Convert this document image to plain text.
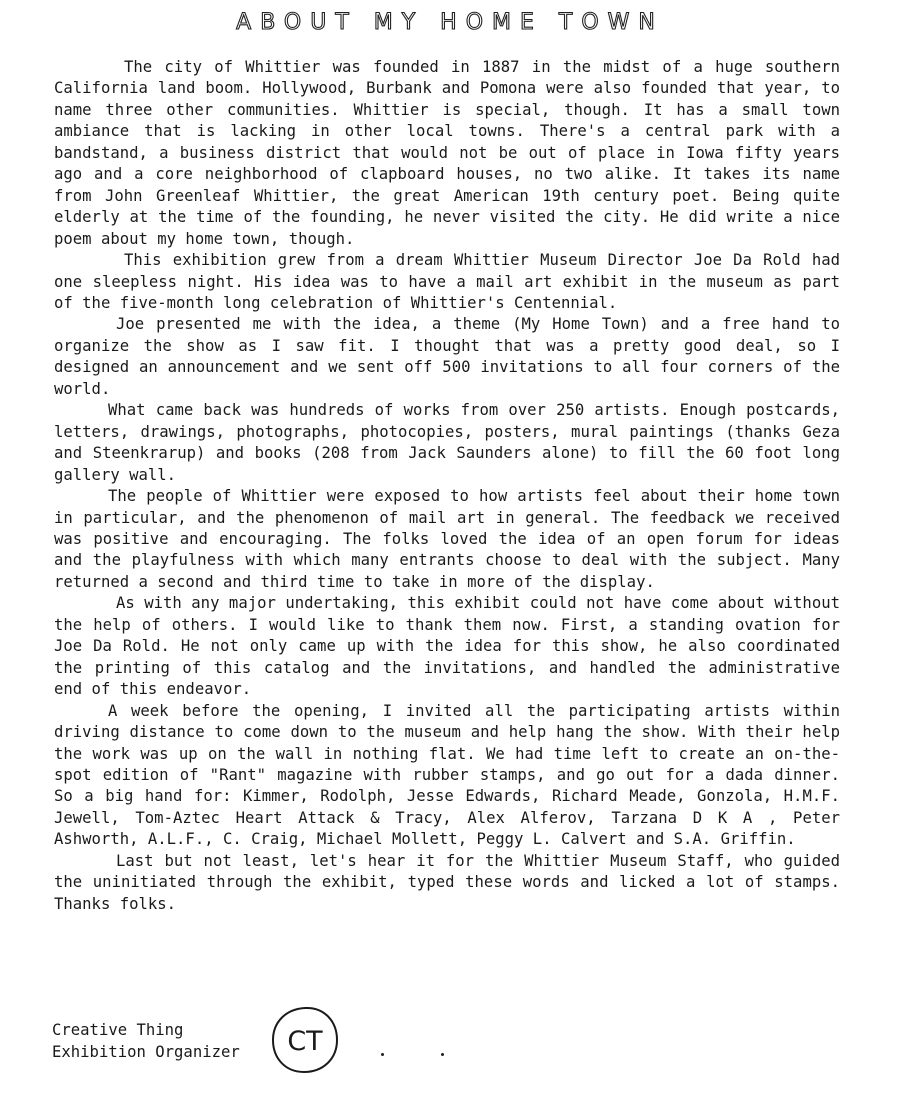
ABOUT MY HOME TOWN

The city of Whittier was founded in 1887 in the midst of a huge southern California land boom. Hollywood, Burbank and Pomona were also founded that year, to name three other communities. Whittier is special, though. It has a small town ambiance that is lacking in other local towns. There's a central park with a bandstand, a business district that would not be out of place in Iowa fifty years ago and a core neighborhood of clapboard houses, no two alike. It takes its name from John Greenleaf Whittier, the great American 19th century poet. Being quite elderly at the time of the founding, he never visited the city. He did write a nice poem about my home town, though.

This exhibition grew from a dream Whittier Museum Director Joe Da Rold had one sleepless night. His idea was to have a mail art exhibit in the museum as part of the five-month long celebration of Whittier's Centennial.

Joe presented me with the idea, a theme (My Home Town) and a free hand to organize the show as I saw fit. I thought that was a pretty good deal, so I designed an announcement and we sent off 500 invitations to all four corners of the world.

What came back was hundreds of works from over 250 artists. Enough postcards, letters, drawings, photographs, photocopies, posters, mural paintings (thanks Geza and Steenkrarup) and books (208 from Jack Saunders alone) to fill the 60 foot long gallery wall.

The people of Whittier were exposed to how artists feel about their home town in particular, and the phenomenon of mail art in general. The feedback we received was positive and encouraging. The folks loved the idea of an open forum for ideas and the playfulness with which many entrants choose to deal with the subject. Many returned a second and third time to take in more of the display.

As with any major undertaking, this exhibit could not have come about without the help of others. I would like to thank them now. First, a standing ovation for Joe Da Rold. He not only came up with the idea for this show, he also coordinated the printing of this catalog and the invitations, and handled the administrative end of this endeavor.

A week before the opening, I invited all the participating artists within driving distance to come down to the museum and help hang the show. With their help the work was up on the wall in nothing flat. We had time left to create an on-the-spot edition of "Rant" magazine with rubber stamps, and go out for a dada dinner. So a big hand for: Kimmer, Rodolph, Jesse Edwards, Richard Meade, Gonzola, H.M.F. Jewell, Tom-Aztec Heart Attack & Tracy, Alex Alferov, Tarzana D K A , Peter Ashworth, A.L.F., C. Craig, Michael Mollett, Peggy L. Calvert and S.A. Griffin.

Last but not least, let's hear it for the Whittier Museum Staff, who guided the uninitiated through the exhibit, typed these words and licked a lot of stamps. Thanks folks.

Creative Thing
Exhibition Organizer CT
